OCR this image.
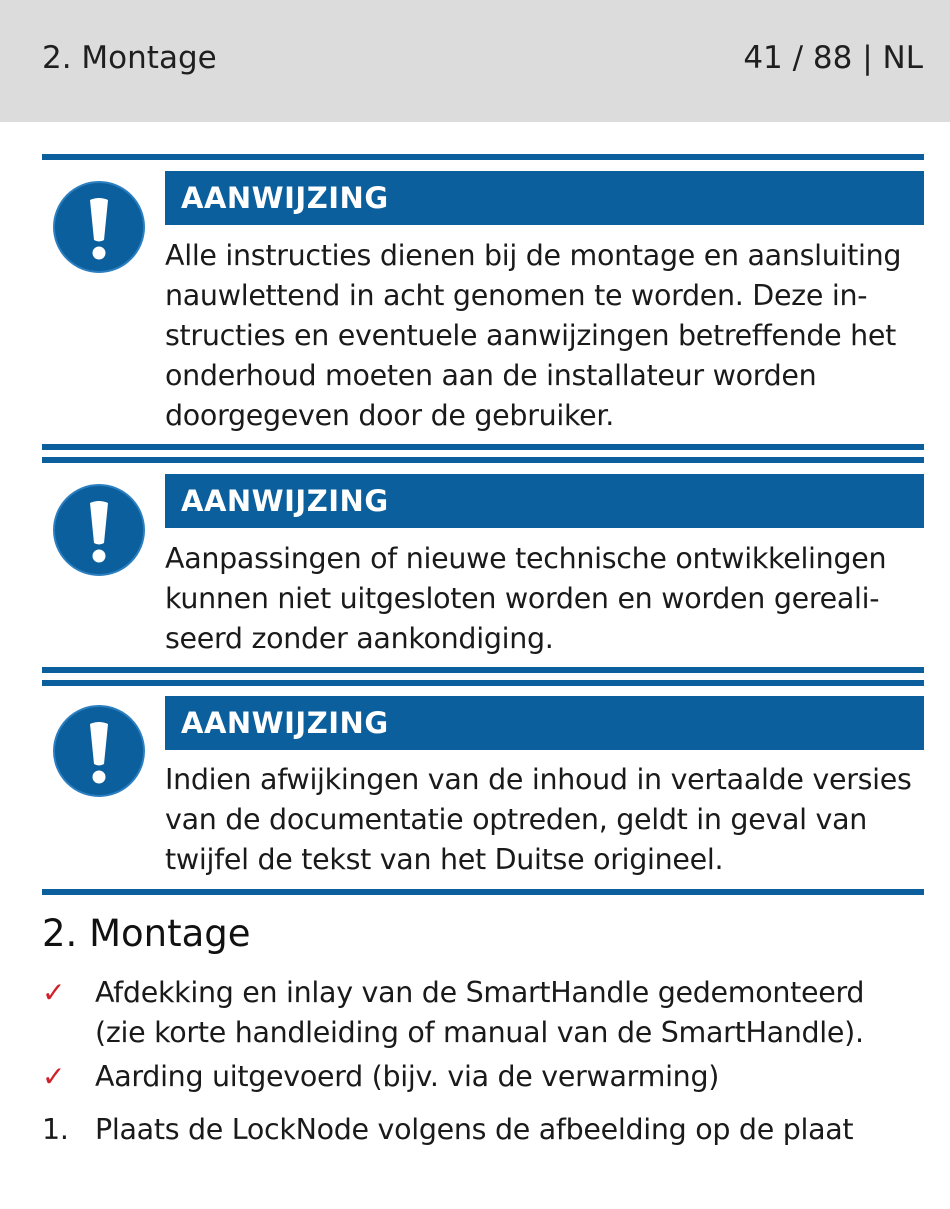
2. Montage	41 / 88 | NL
AANWIJZING
Alle instructies dienen bij de montage en aansluiting
nauwlettend in acht genomen te worden. Deze in-
structies en eventuele aanwijzingen betreffende het
onderhoud moeten aan de installateur worden
doorgegeven door de gebruiker.
AANWIJZING
Aanpassingen of nieuwe technische ontwikkelingen
kunnen niet uitgesloten worden en worden gereali-
seerd zonder aankondiging.
AANWIJZING
Indien afwijkingen van de inhoud in vertaalde versies
van de documentatie optreden, geldt in geval van
twijfel de tekst van het Duitse origineel.
2. Montage
✓	Afdekking en inlay van de SmartHandle gedemonteerd
(zie korte handleiding of manual van de SmartHandle).
✓	Aarding uitgevoerd (bijv. via de verwarming)
1. Plaats de LockNode volgens de afbeelding op de plaat
